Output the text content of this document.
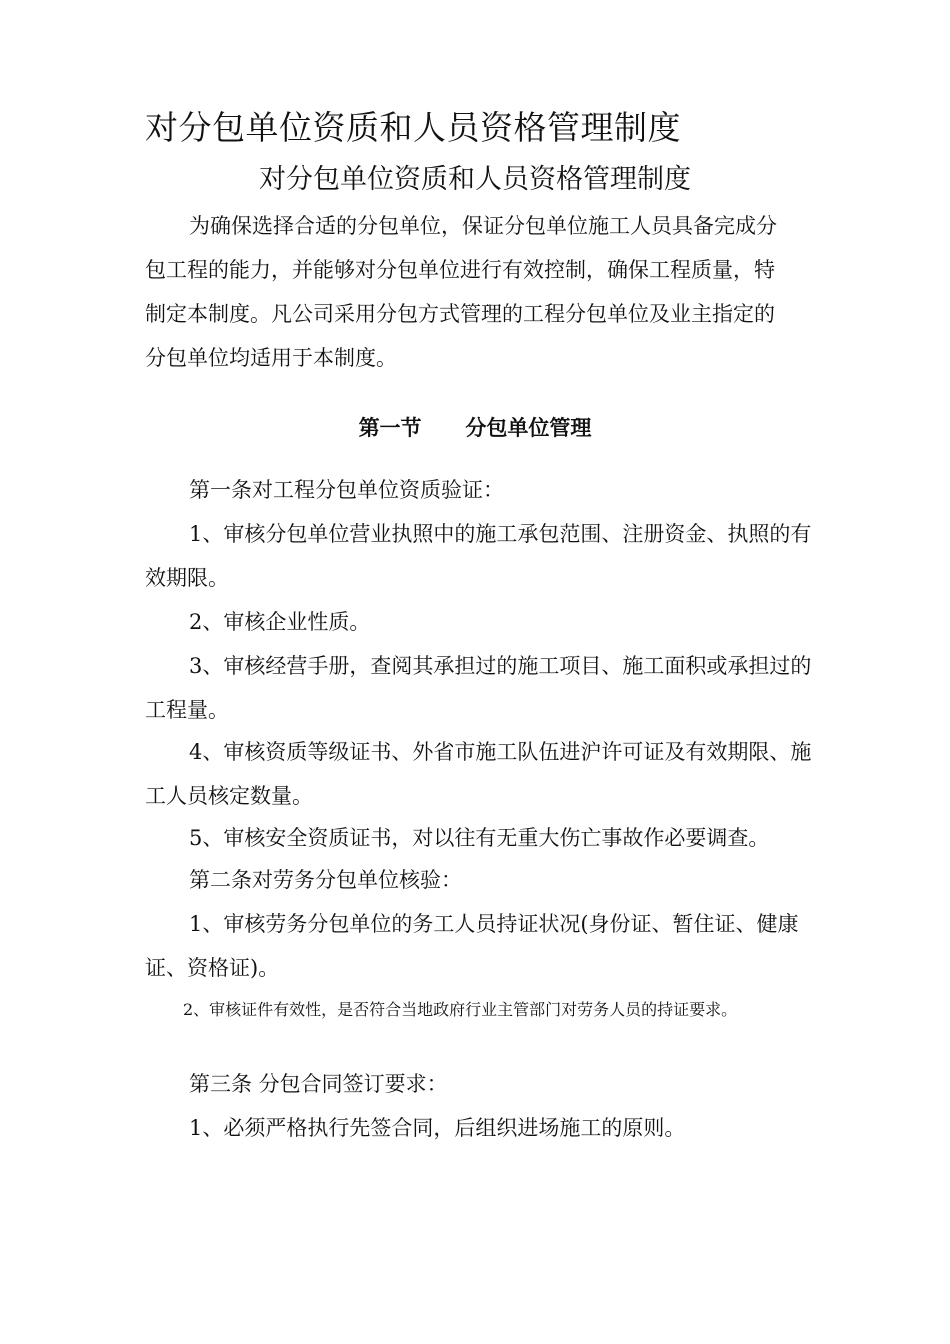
对分包单位资质和人员资格管理制度
对分包单位资质和人员资格管理制度

为确保选择合适的分包单位，保证分包单位施工人员具备完成分

包工程的能力，并能够对分包单位进行有效控制，确保工程质量，特

制定本制度。凡公司采用分包方式管理的工程分包单位及业主指定的

分包单位均适用于本制度。

第一节      分包单位管理

第一条对工程分包单位资质验证：

1、审核分包单位营业执照中的施工承包范围、注册资金、执照的有效期限。

2、审核企业性质。

3、审核经营手册，查阅其承担过的施工项目、施工面积或承担过的工程量。

4、审核资质等级证书、外省市施工队伍进沪许可证及有效期限、施工人员核定数量。

5、审核安全资质证书，对以往有无重大伤亡事故作必要调查。

第二条对劳务分包单位核验：

1、审核劳务分包单位的务工人员持证状况(身份证、暂住证、健康证、资格证)。

2、审核证件有效性，是否符合当地政府行业主管部门对劳务人员的持证要求。

第三条 分包合同签订要求：

1、必须严格执行先签合同，后组织进场施工的原则。
